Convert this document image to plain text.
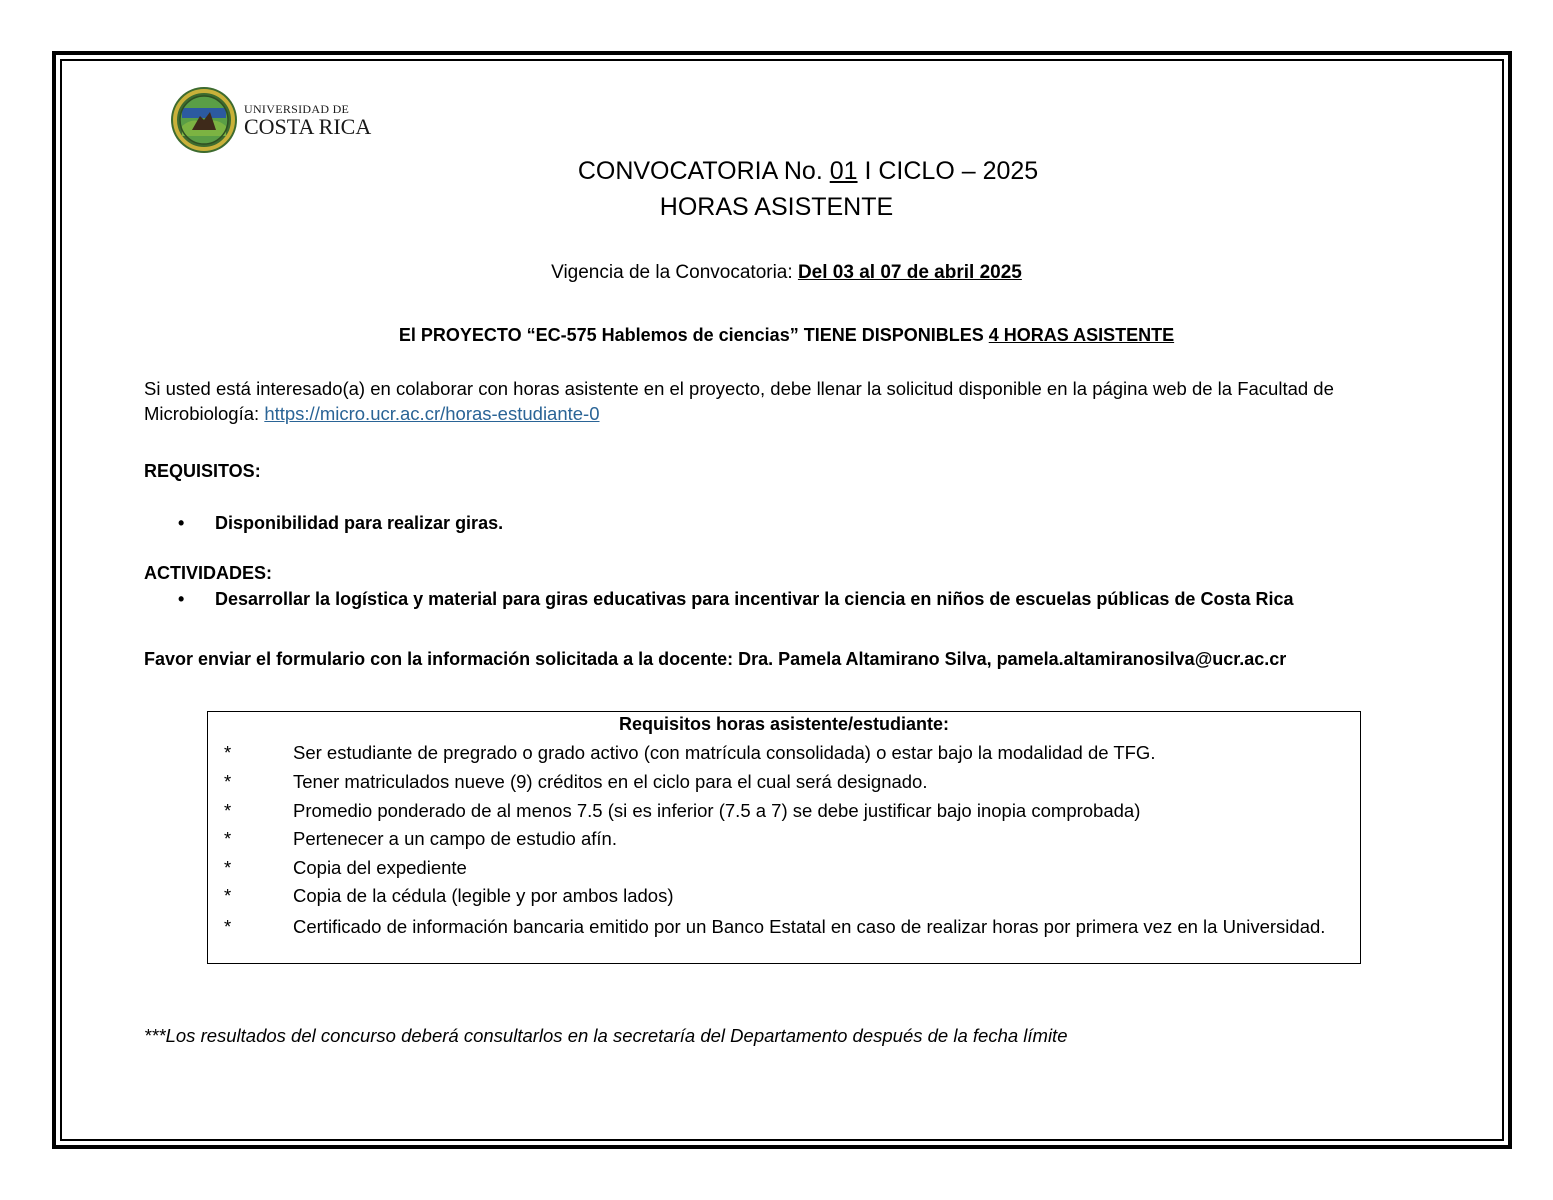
UNIVERSIDAD DE
COSTA RICA
CONVOCATORIA No. 01 I CICLO – 2025
HORAS ASISTENTE
Vigencia de la Convocatoria: Del 03 al 07 de abril 2025
El PROYECTO “EC-575 Hablemos de ciencias” TIENE DISPONIBLES 4 HORAS ASISTENTE
Si usted está interesado(a) en colaborar con horas asistente en el proyecto, debe llenar la solicitud disponible en la página web de la Facultad de Microbiología: https://micro.ucr.ac.cr/horas-estudiante-0
REQUISITOS:
• Disponibilidad para realizar giras.
ACTIVIDADES:
• Desarrollar la logística y material para giras educativas para incentivar la ciencia en niños de escuelas públicas de Costa Rica
Favor enviar el formulario con la información solicitada a la docente: Dra. Pamela Altamirano Silva, pamela.altamiranosilva@ucr.ac.cr
Requisitos horas asistente/estudiante:
*	Ser estudiante de pregrado o grado activo (con matrícula consolidada) o estar bajo la modalidad de TFG.
*	Tener matriculados nueve (9) créditos en el ciclo para el cual será designado.
*	Promedio ponderado de al menos 7.5 (si es inferior (7.5 a 7) se debe justificar bajo inopia comprobada)
*	Pertenecer a un campo de estudio afín.
*	Copia del expediente
*	Copia de la cédula (legible y por ambos lados)
*	Certificado de información bancaria emitido por un Banco Estatal en caso de realizar horas por primera vez en la Universidad.
***Los resultados del concurso deberá consultarlos en la secretaría del Departamento después de la fecha límite
